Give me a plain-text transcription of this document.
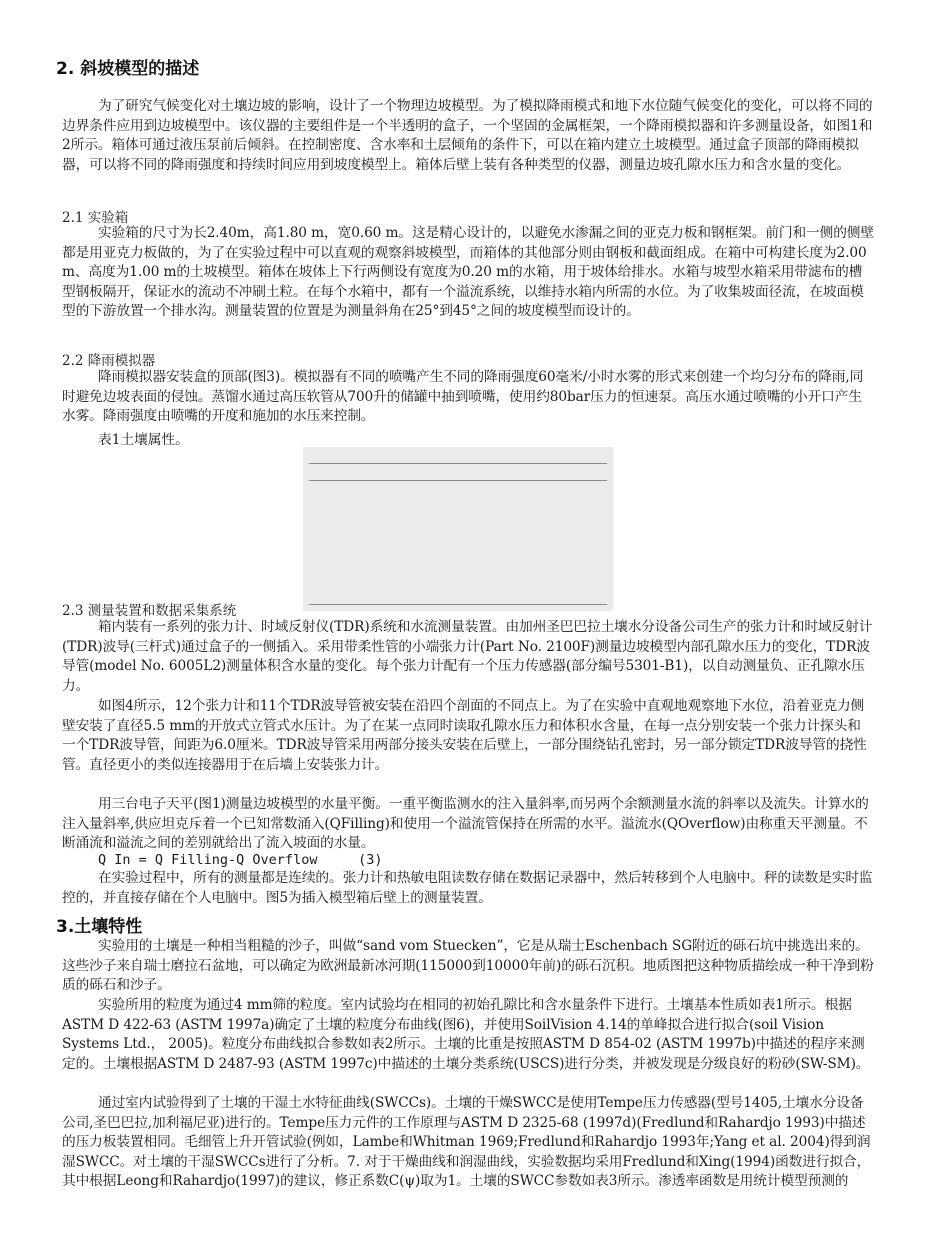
2. 斜坡模型的描述

为了研究气候变化对土壤边坡的影响，设计了一个物理边坡模型。为了模拟降雨模式和地下水位随气候变化的变化，可以将不同的边界条件应用到边坡模型中。该仪器的主要组件是一个半透明的盒子，一个坚固的金属框架，一个降雨模拟器和许多测量设备，如图1和2所示。箱体可通过液压泵前后倾斜。在控制密度、含水率和土层倾角的条件下，可以在箱内建立土坡模型。通过盒子顶部的降雨模拟器，可以将不同的降雨强度和持续时间应用到坡度模型上。箱体后壁上装有各种类型的仪器，测量边坡孔隙水压力和含水量的变化。

2.1 实验箱

实验箱的尺寸为长2.40m，高1.80 m，宽0.60 m。这是精心设计的，以避免水渗漏之间的亚克力板和钢框架。前门和一侧的侧壁都是用亚克力板做的，为了在实验过程中可以直观的观察斜坡模型，而箱体的其他部分则由钢板和截面组成。在箱中可构建长度为2.00 m、高度为1.00 m的土坡模型。箱体在坡体上下行两侧设有宽度为0.20 m的水箱，用于坡体给排水。水箱与坡型水箱采用带滤布的槽型钢板隔开，保证水的流动不冲刷土粒。在每个水箱中，都有一个溢流系统，以维持水箱内所需的水位。为了收集坡面径流，在坡面模型的下游放置一个排水沟。测量装置的位置是为测量斜角在25°到45°之间的坡度模型而设计的。

2.2 降雨模拟器

降雨模拟器安装盒的顶部(图3)。模拟器有不同的喷嘴产生不同的降雨强度60毫米/小时水雾的形式来创建一个均匀分布的降雨,同时避免边坡表面的侵蚀。蒸馏水通过高压软管从700升的储罐中抽到喷嘴，使用约80bar压力的恒速泵。高压水通过喷嘴的小开口产生水雾。降雨强度由喷嘴的开度和施加的水压来控制。

表1土壤属性。

2.3 测量装置和数据采集系统

箱内装有一系列的张力计、时域反射仪(TDR)系统和水流测量装置。由加州圣巴巴拉土壤水分设备公司生产的张力计和时域反射计(TDR)波导(三杆式)通过盒子的一侧插入。采用带柔性管的小端张力计(Part No. 2100F)测量边坡模型内部孔隙水压力的变化，TDR波导管(model No. 6005L2)测量体积含水量的变化。每个张力计配有一个压力传感器(部分编号5301-B1)，以自动测量负、正孔隙水压力。

如图4所示，12个张力计和11个TDR波导管被安装在沿四个剖面的不同点上。为了在实验中直观地观察地下水位，沿着亚克力侧壁安装了直径5.5 mm的开放式立管式水压计。为了在某一点同时读取孔隙水压力和体积水含量，在每一点分别安装一个张力计探头和一个TDR波导管，间距为6.0厘米。TDR波导管采用两部分接头安装在后壁上，一部分围绕钻孔密封，另一部分锁定TDR波导管的挠性管。直径更小的类似连接器用于在后墙上安装张力计。

用三台电子天平(图1)测量边坡模型的水量平衡。一重平衡监测水的注入量斜率,而另两个余额测量水流的斜率以及流失。计算水的注入量斜率,供应坦克斥着一个已知常数涌入(QFilling)和使用一个溢流管保持在所需的水平。溢流水(QOverflow)由称重天平测量。不断涌流和溢流之间的差别就给出了流入坡面的水量。

Q In = Q Filling-Q Overflow     (3)

在实验过程中，所有的测量都是连续的。张力计和热敏电阻读数存储在数据记录器中，然后转移到个人电脑中。秤的读数是实时监控的，并直接存储在个人电脑中。图5为插入模型箱后壁上的测量装置。

3.土壤特性

实验用的土壤是一种相当粗糙的沙子，叫做“sand vom Stuecken”，它是从瑞士Eschenbach SG附近的砾石坑中挑选出来的。这些沙子来自瑞士磨拉石盆地，可以确定为欧洲最新冰河期(115000到10000年前)的砾石沉积。地质图把这种物质描绘成一种干净到粉质的砾石和沙子。

实验所用的粒度为通过4 mm筛的粒度。室内试验均在相同的初始孔隙比和含水量条件下进行。土壤基本性质如表1所示。根据ASTM D 422-63 (ASTM 1997a)确定了土壤的粒度分布曲线(图6)，并使用SoilVision 4.14的单峰拟合进行拟合(soil Vision Systems Ltd.， 2005)。粒度分布曲线拟合参数如表2所示。土壤的比重是按照ASTM D 854-02 (ASTM 1997b)中描述的程序来测定的。土壤根据ASTM D 2487-93 (ASTM 1997c)中描述的土壤分类系统(USCS)进行分类，并被发现是分级良好的粉砂(SW-SM)。

通过室内试验得到了土壤的干湿土水特征曲线(SWCCs)。土壤的干燥SWCC是使用Tempe压力传感器(型号1405,土壤水分设备公司,圣巴巴拉,加利福尼亚)进行的。Tempe压力元件的工作原理与ASTM D 2325-68 (1997d)(Fredlund和Rahardjo 1993)中描述的压力板装置相同。毛细管上升开管试验(例如，Lambe和Whitman 1969;Fredlund和Rahardjo 1993年;Yang et al. 2004)得到润湿SWCC。对土壤的干湿SWCCs进行了分析。7. 对于干燥曲线和润湿曲线，实验数据均采用Fredlund和Xing(1994)函数进行拟合，其中根据Leong和Rahardjo(1997)的建议，修正系数C(ψ)取为1。土壤的SWCC参数如表3所示。渗透率函数是用统计模型预测的
